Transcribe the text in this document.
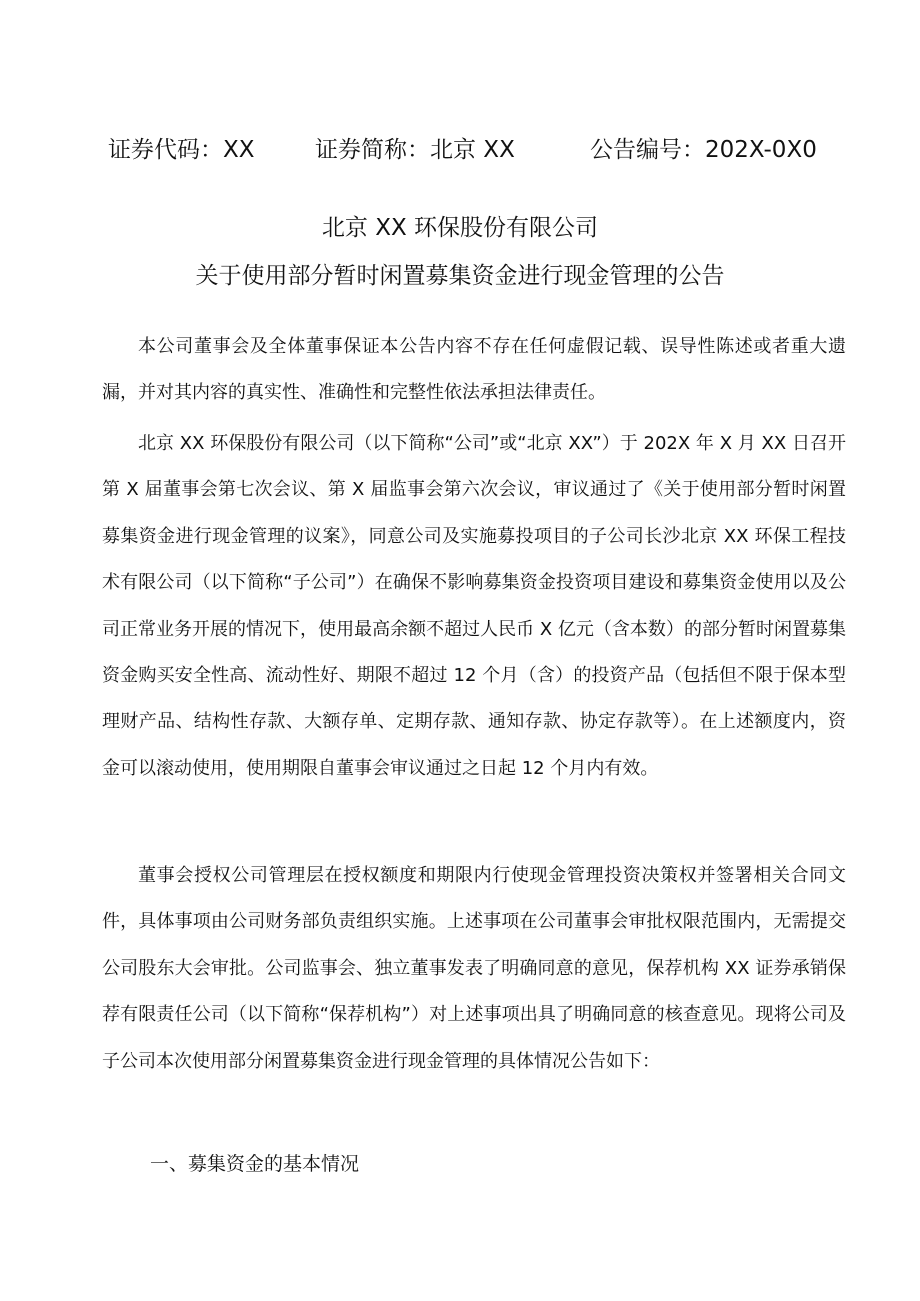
证券代码：XX	证券简称：北京 XX	公告编号：202X-0X0
北京 XX 环保股份有限公司
关于使用部分暂时闲置募集资金进行现金管理的公告

本公司董事会及全体董事保证本公告内容不存在任何虚假记载、误导性陈述或者重大遗漏，并对其内容的真实性、准确性和完整性依法承担法律责任。

北京 XX 环保股份有限公司（以下简称“公司”或“北京 XX”）于 202X 年 X 月 XX 日召开第 X 届董事会第七次会议、第 X 届监事会第六次会议，审议通过了《关于使用部分暂时闲置募集资金进行现金管理的议案》，同意公司及实施募投项目的子公司长沙北京 XX 环保工程技术有限公司（以下简称“子公司”）在确保不影响募集资金投资项目建设和募集资金使用以及公司正常业务开展的情况下，使用最高余额不超过人民币 X 亿元（含本数）的部分暂时闲置募集资金购买安全性高、流动性好、期限不超过 12 个月（含）的投资产品（包括但不限于保本型理财产品、结构性存款、大额存单、定期存款、通知存款、协定存款等）。在上述额度内，资金可以滚动使用，使用期限自董事会审议通过之日起 12 个月内有效。

董事会授权公司管理层在授权额度和期限内行使现金管理投资决策权并签署相关合同文件，具体事项由公司财务部负责组织实施。上述事项在公司董事会审批权限范围内，无需提交公司股东大会审批。公司监事会、独立董事发表了明确同意的意见，保荐机构 XX 证券承销保荐有限责任公司（以下简称“保荐机构”）对上述事项出具了明确同意的核查意见。现将公司及子公司本次使用部分闲置募集资金进行现金管理的具体情况公告如下：

一、募集资金的基本情况
